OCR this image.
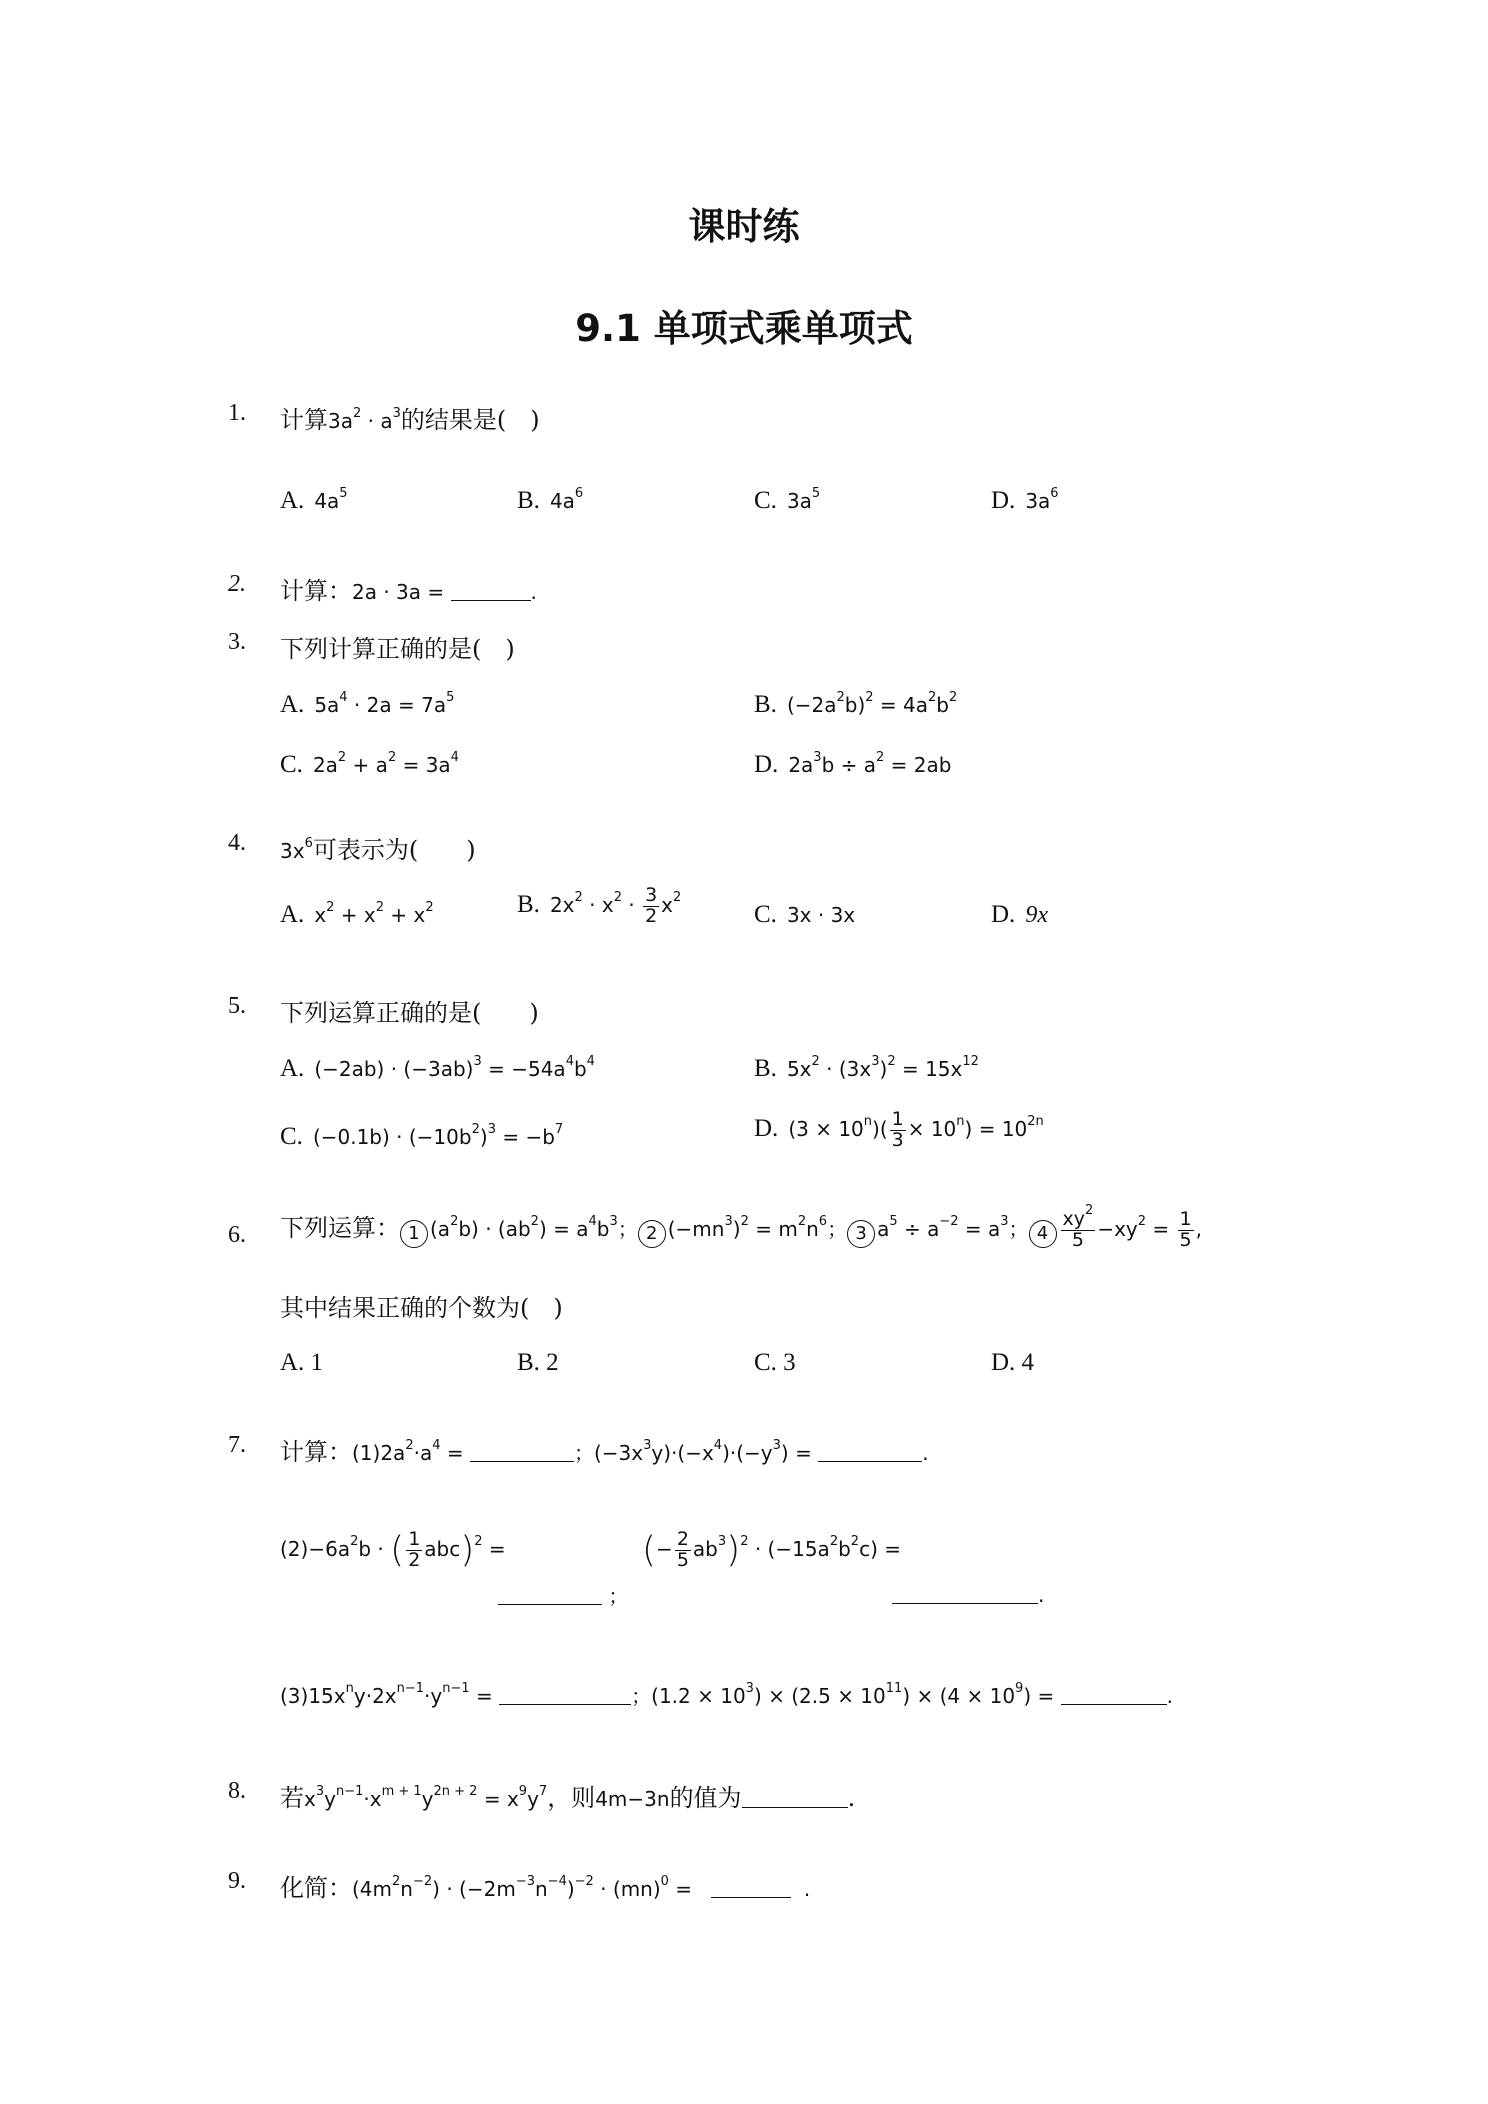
课时练
9.1 单项式乘单项式
1.	计算$3a^2 \cdot a^3$的结果是(　)
A. $4a^5$	B. $4a^6$	C. $3a^5$	D. $3a^6$
2.	计算：2a · 3a =	.
3.	下列计算正确的是(　)
A. $5a^4 \cdot 2a = 7a^5$	B. $(-2a^2b)^2 = 4a^2b^2$
C. $2a^2 + a^2 = 3a^4$	D. $2a^3b \div a^2 = 2ab$
4.	$3x^6$可表示为(　　)
A. $x^2 + x^2 + x^2$	B. $2x^2 \cdot x^2 \cdot \frac{3}{2} x^2$
C. 3x · 3x	D. 9x
5.	下列运算正确的是(　　)
A. $(-2ab) \cdot (-3ab)^3 = -54a^4b^4$	B. $5x^2 \cdot (3x^3)^2 = 15x^{12}$
C. $(-0.1b) \cdot (-10b^2)^3 = -b^7$	D. $(3 \times 10^n)( \frac{1}{3} \times 10^n) = 10^{2n}$
6.	下列运算： 1 $(a^2b) \cdot (ab^2) = a^4b^3$； 2 $(-mn^3)^2 = m^2n^6$； 3 $a^5 \div a^{-2} = a^3$； $4 \frac{xy^2}{5} -xy^2 = \frac{1}{5}$ ,
其中结果正确的个数为(　)
A. 1	B. 2	C. 3	D. 4
7.	计算：$(1)2a^2\cdot a^4$ =	；$(-3x^3y)\cdot(-x^4)\cdot(-y^3)$ =	.
$(2)-6a^2b$ · ( $\frac{1}{2} abc)^2$ =
；
(− $\frac{2}{5} ab^3)^2 \cdot (-15a^2b^2c)$ =
.
$(3)15x^ny\cdot 2x^{n-1}\cdot y^{n-1}$ =	；$(1.2 \times 10^3) \times (2.5 \times 10^{11}) \times (4 \times 10^9)$ =	.
8.	若$x^3y^{n-1}\cdot x^{m + 1}y^{2n + 2} = x^9y^7$，则4m−3n的值为	.
9.	化简：$(4m^2n^{-2}) \cdot (-2m^{-3}n^{-4})^{-2} \cdot (mn)^0$ =	.
